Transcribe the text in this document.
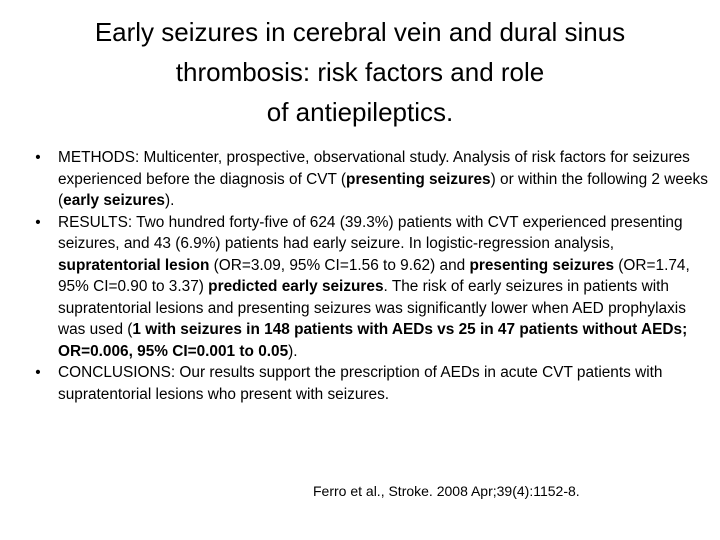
Early seizures in cerebral vein and dural sinus
thrombosis: risk factors and role
of antiepileptics.
•	METHODS: Multicenter, prospective, observational study. Analysis of risk factors for seizures experienced before the diagnosis of CVT (presenting seizures) or within the following 2 weeks (early seizures).
•	RESULTS: Two hundred forty-five of 624 (39.3%) patients with CVT experienced presenting seizures, and 43 (6.9%) patients had early seizure. In logistic-regression analysis, supratentorial lesion (OR=3.09, 95% CI=1.56 to 9.62) and presenting seizures (OR=1.74, 95% CI=0.90 to 3.37) predicted early seizures. The risk of early seizures in patients with supratentorial lesions and presenting seizures was significantly lower when AED prophylaxis was used (1 with seizures in 148 patients with AEDs vs 25 in 47 patients without AEDs; OR=0.006, 95% CI=0.001 to 0.05).
•	CONCLUSIONS: Our results support the prescription of AEDs in acute CVT patients with supratentorial lesions who present with seizures.
Ferro et al., Stroke. 2008 Apr;39(4):1152-8.
